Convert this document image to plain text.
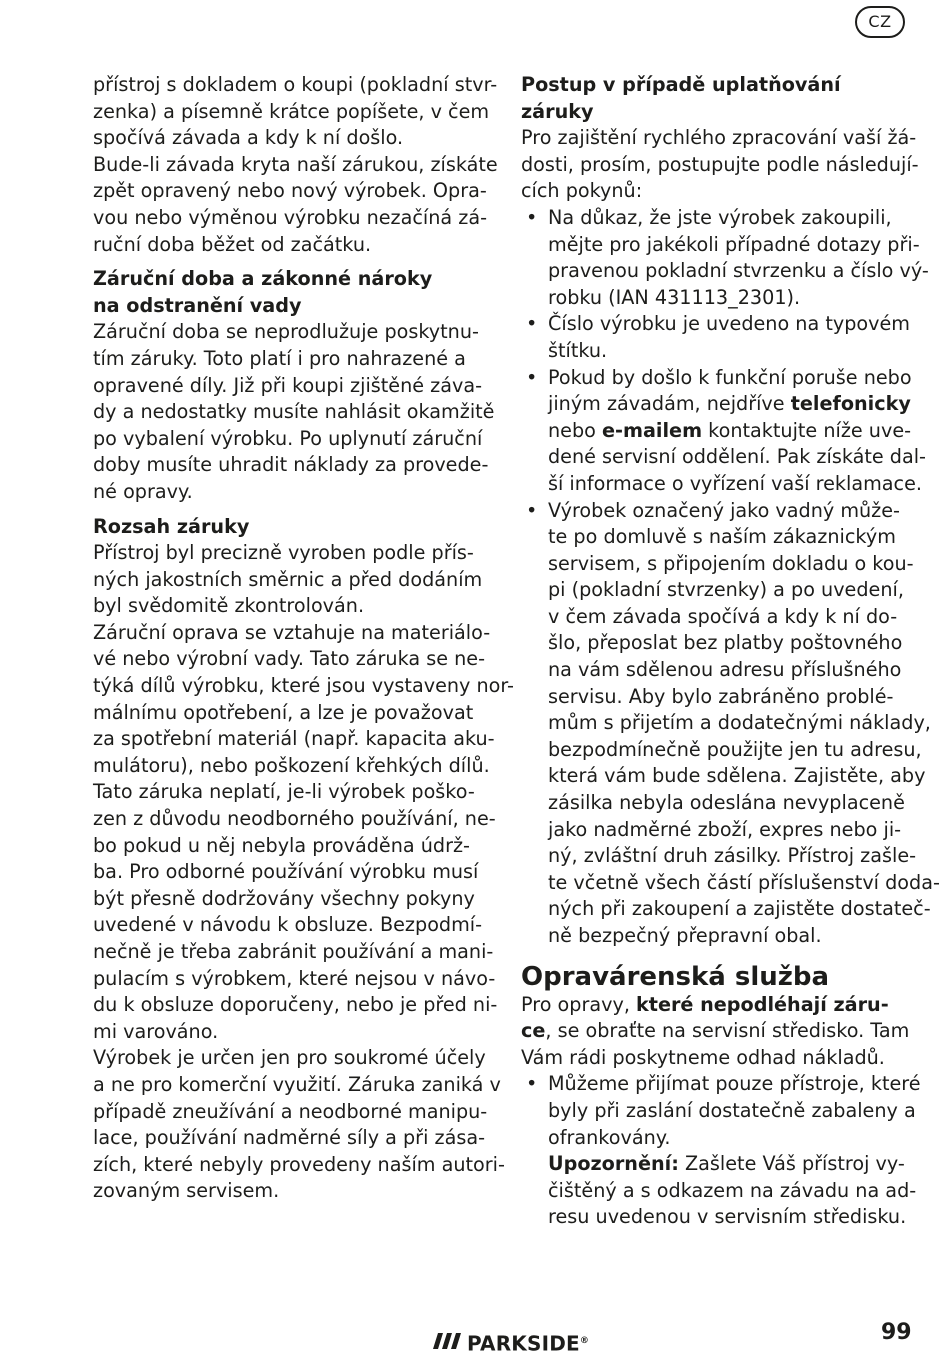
CZ
přístroj s dokladem o koupi (pokladní stvr-
zenka) a písemně krátce popíšete, v čem
spočívá závada a kdy k ní došlo.
Bude-li závada kryta naší zárukou, získáte
zpět opravený nebo nový výrobek. Opra-
vou nebo výměnou výrobku nezačíná zá-
ruční doba běžet od začátku.
Záruční doba a zákonné nároky
na odstranění vady
Záruční doba se neprodlužuje poskytnu-
tím záruky. Toto platí i pro nahrazené a
opravené díly. Již při koupi zjištěné záva-
dy a nedostatky musíte nahlásit okamžitě
po vybalení výrobku. Po uplynutí záruční
doby musíte uhradit náklady za provede-
né opravy.
Rozsah záruky
Přístroj byl precizně vyroben podle přís-
ných jakostních směrnic a před dodáním
byl svědomitě zkontrolován.
Záruční oprava se vztahuje na materiálo-
vé nebo výrobní vady. Tato záruka se ne-
týká dílů výrobku, které jsou vystaveny nor-
málnímu opotřebení, a lze je považovat
za spotřební materiál (např. kapacita aku-
mulátoru), nebo poškození křehkých dílů.
Tato záruka neplatí, je-li výrobek poško-
zen z důvodu neodborného používání, ne-
bo pokud u něj nebyla prováděna údrž-
ba. Pro odborné používání výrobku musí
být přesně dodržovány všechny pokyny
uvedené v návodu k obsluze. Bezpodmí-
nečně je třeba zabránit používání a mani-
pulacím s výrobkem, které nejsou v návo-
du k obsluze doporučeny, nebo je před ni-
mi varováno.
Výrobek je určen jen pro soukromé účely
a ne pro komerční využití. Záruka zaniká v
případě zneužívání a neodborné manipu-
lace, používání nadměrné síly a při zása-
zích, které nebyly provedeny naším autori-
zovaným servisem.
Postup v případě uplatňování
záruky
Pro zajištění rychlého zpracování vaší žá-
dosti, prosím, postupujte podle následují-
cích pokynů:
• Na důkaz, že jste výrobek zakoupili,
mějte pro jakékoli případné dotazy při-
pravenou pokladní stvrzenku a číslo vý-
robku (IAN 431113_2301).
• Číslo výrobku je uvedeno na typovém
štítku.
• Pokud by došlo k funkční poruše nebo
jiným závadám, nejdříve telefonicky
nebo e-mailem kontaktujte níže uve-
dené servisní oddělení. Pak získáte dal-
ší informace o vyřízení vaší reklamace.
• Výrobek označený jako vadný může-
te po domluvě s naším zákaznickým
servisem, s připojením dokladu o kou-
pi (pokladní stvrzenky) a po uvedení,
v čem závada spočívá a kdy k ní do-
šlo, přeposlat bez platby poštovného
na vám sdělenou adresu příslušného
servisu. Aby bylo zabráněno problé-
mům s přijetím a dodatečnými náklady,
bezpodmínečně použijte jen tu adresu,
která vám bude sdělena. Zajistěte, aby
zásilka nebyla odeslána nevyplaceně
jako nadměrné zboží, expres nebo ji-
ný, zvláštní druh zásilky. Přístroj zašle-
te včetně všech částí příslušenství doda-
ných při zakoupení a zajistěte dostateč-
ně bezpečný přepravní obal.
Opravárenská služba
Pro opravy, které nepodléhají záru-
ce, se obraťte na servisní středisko. Tam
Vám rádi poskytneme odhad nákladů.
• Můžeme přijímat pouze přístroje, které
byly při zaslání dostatečně zabaleny a
ofrankovány.
Upozornění: Zašlete Váš přístroj vy-
čištěný a s odkazem na závadu na ad-
resu uvedenou v servisním středisku.
PARKSIDE®	99
